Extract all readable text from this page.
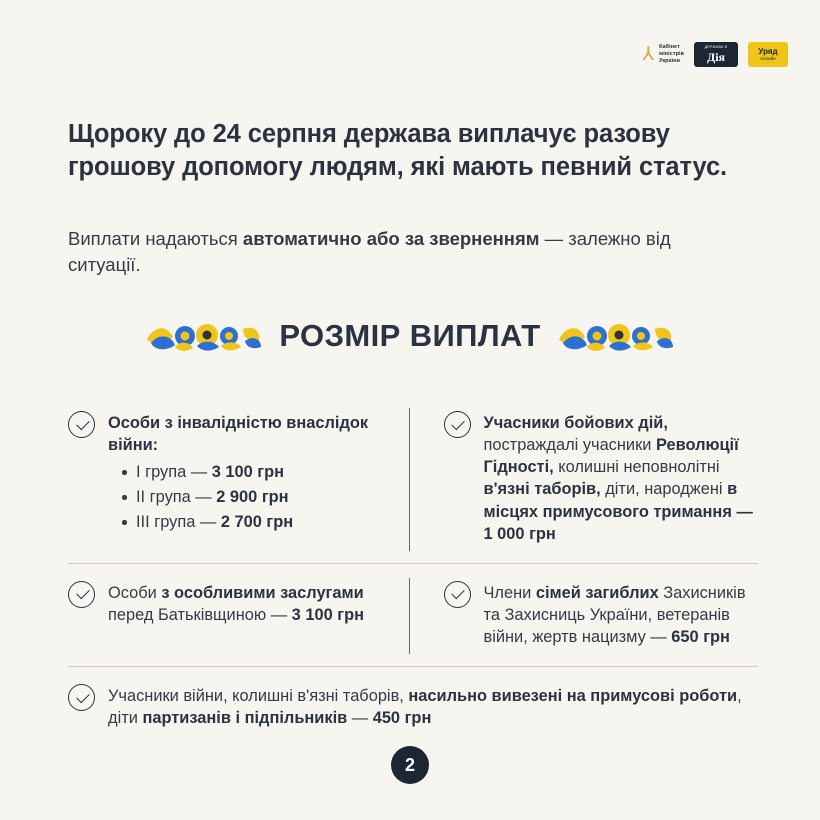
⅄ Кабінет
міністрів
України
ДЕРЖАВА В
Дія	Уряд
онлайн
Щороку до 24 серпня держава виплачує разову грошову допомогу людям, які мають певний статус.
Виплати надаються автоматично або за зверненням — залежно від ситуації.
РОЗМІР ВИПЛАТ
Особи з інвалідністю внаслідок війни:
I група — 3 100 грн
II група — 2 900 грн
III група — 2 700 грн
Учасники бойових дій, постраждалі учасники Революції Гідності, колишні неповнолітні в'язні таборів, діти, народжені в місцях примусового тримання — 1 000 грн
Особи з особливими заслугами перед Батьківщиною — 3 100 грн
Члени сімей загиблих Захисників та Захисниць України, ветеранів війни, жертв нацизму — 650 грн
Учасники війни, колишні в'язні таборів, насильно вивезені на примусові роботи, діти партизанів і підпільників — 450 грн
2
